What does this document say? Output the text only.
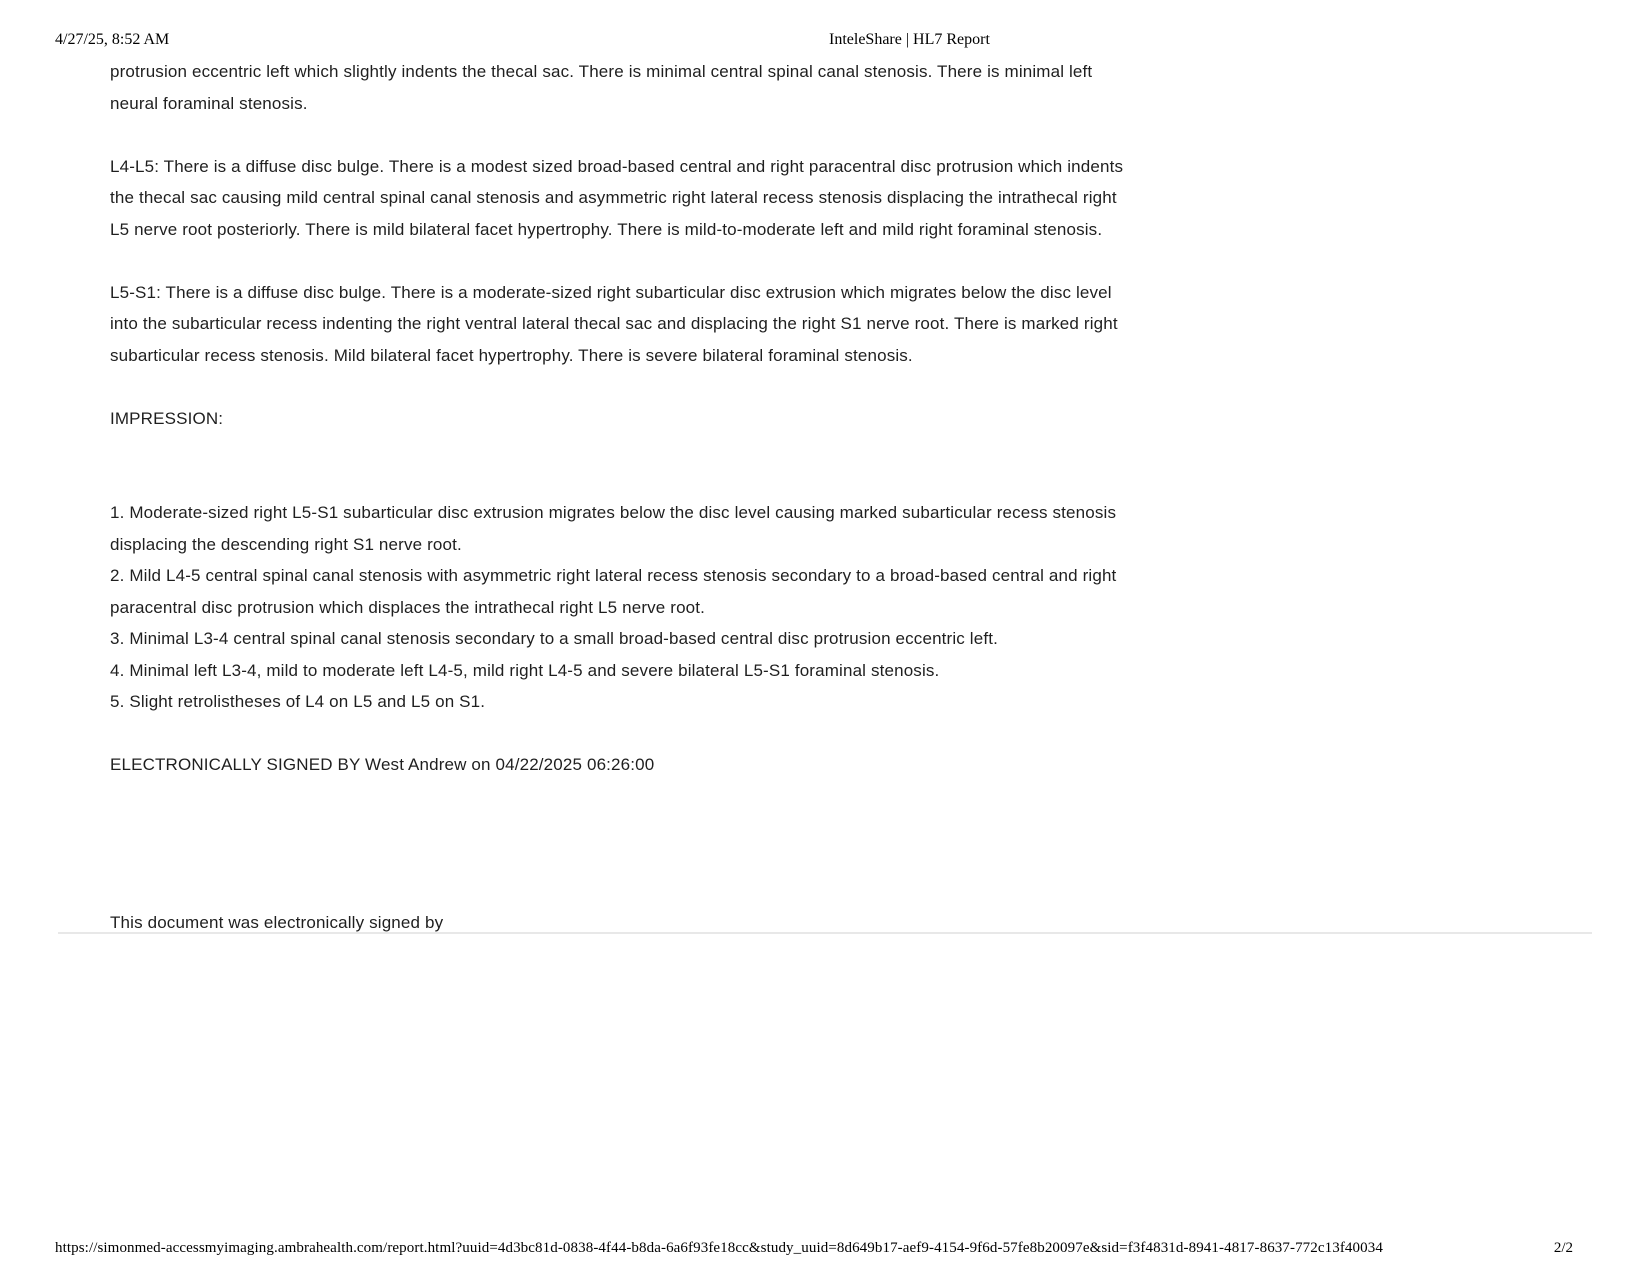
4/27/25, 8:52 AM	InteleShare | HL7 Report
protrusion eccentric left which slightly indents the thecal sac. There is minimal central spinal canal stenosis. There is minimal left
neural foraminal stenosis.

L4-L5: There is a diffuse disc bulge. There is a modest sized broad-based central and right paracentral disc protrusion which indents
the thecal sac causing mild central spinal canal stenosis and asymmetric right lateral recess stenosis displacing the intrathecal right
L5 nerve root posteriorly. There is mild bilateral facet hypertrophy. There is mild-to-moderate left and mild right foraminal stenosis.

L5-S1: There is a diffuse disc bulge. There is a moderate-sized right subarticular disc extrusion which migrates below the disc level
into the subarticular recess indenting the right ventral lateral thecal sac and displacing the right S1 nerve root. There is marked right
subarticular recess stenosis. Mild bilateral facet hypertrophy. There is severe bilateral foraminal stenosis.

IMPRESSION:

1. Moderate-sized right L5-S1 subarticular disc extrusion migrates below the disc level causing marked subarticular recess stenosis
displacing the descending right S1 nerve root.
2. Mild L4-5 central spinal canal stenosis with asymmetric right lateral recess stenosis secondary to a broad-based central and right
paracentral disc protrusion which displaces the intrathecal right L5 nerve root.
3. Minimal L3-4 central spinal canal stenosis secondary to a small broad-based central disc protrusion eccentric left.
4. Minimal left L3-4, mild to moderate left L4-5, mild right L4-5 and severe bilateral L5-S1 foraminal stenosis.
5. Slight retrolistheses of L4 on L5 and L5 on S1.

ELECTRONICALLY SIGNED BY West Andrew on 04/22/2025 06:26:00

This document was electronically signed by
https://simonmed-accessmyimaging.ambrahealth.com/report.html?uuid=4d3bc81d-0838-4f44-b8da-6a6f93fe18cc&study_uuid=8d649b17-aef9-4154-9f6d-57fe8b20097e&sid=f3f4831d-8941-4817-8637-772c13f40034	2/2
